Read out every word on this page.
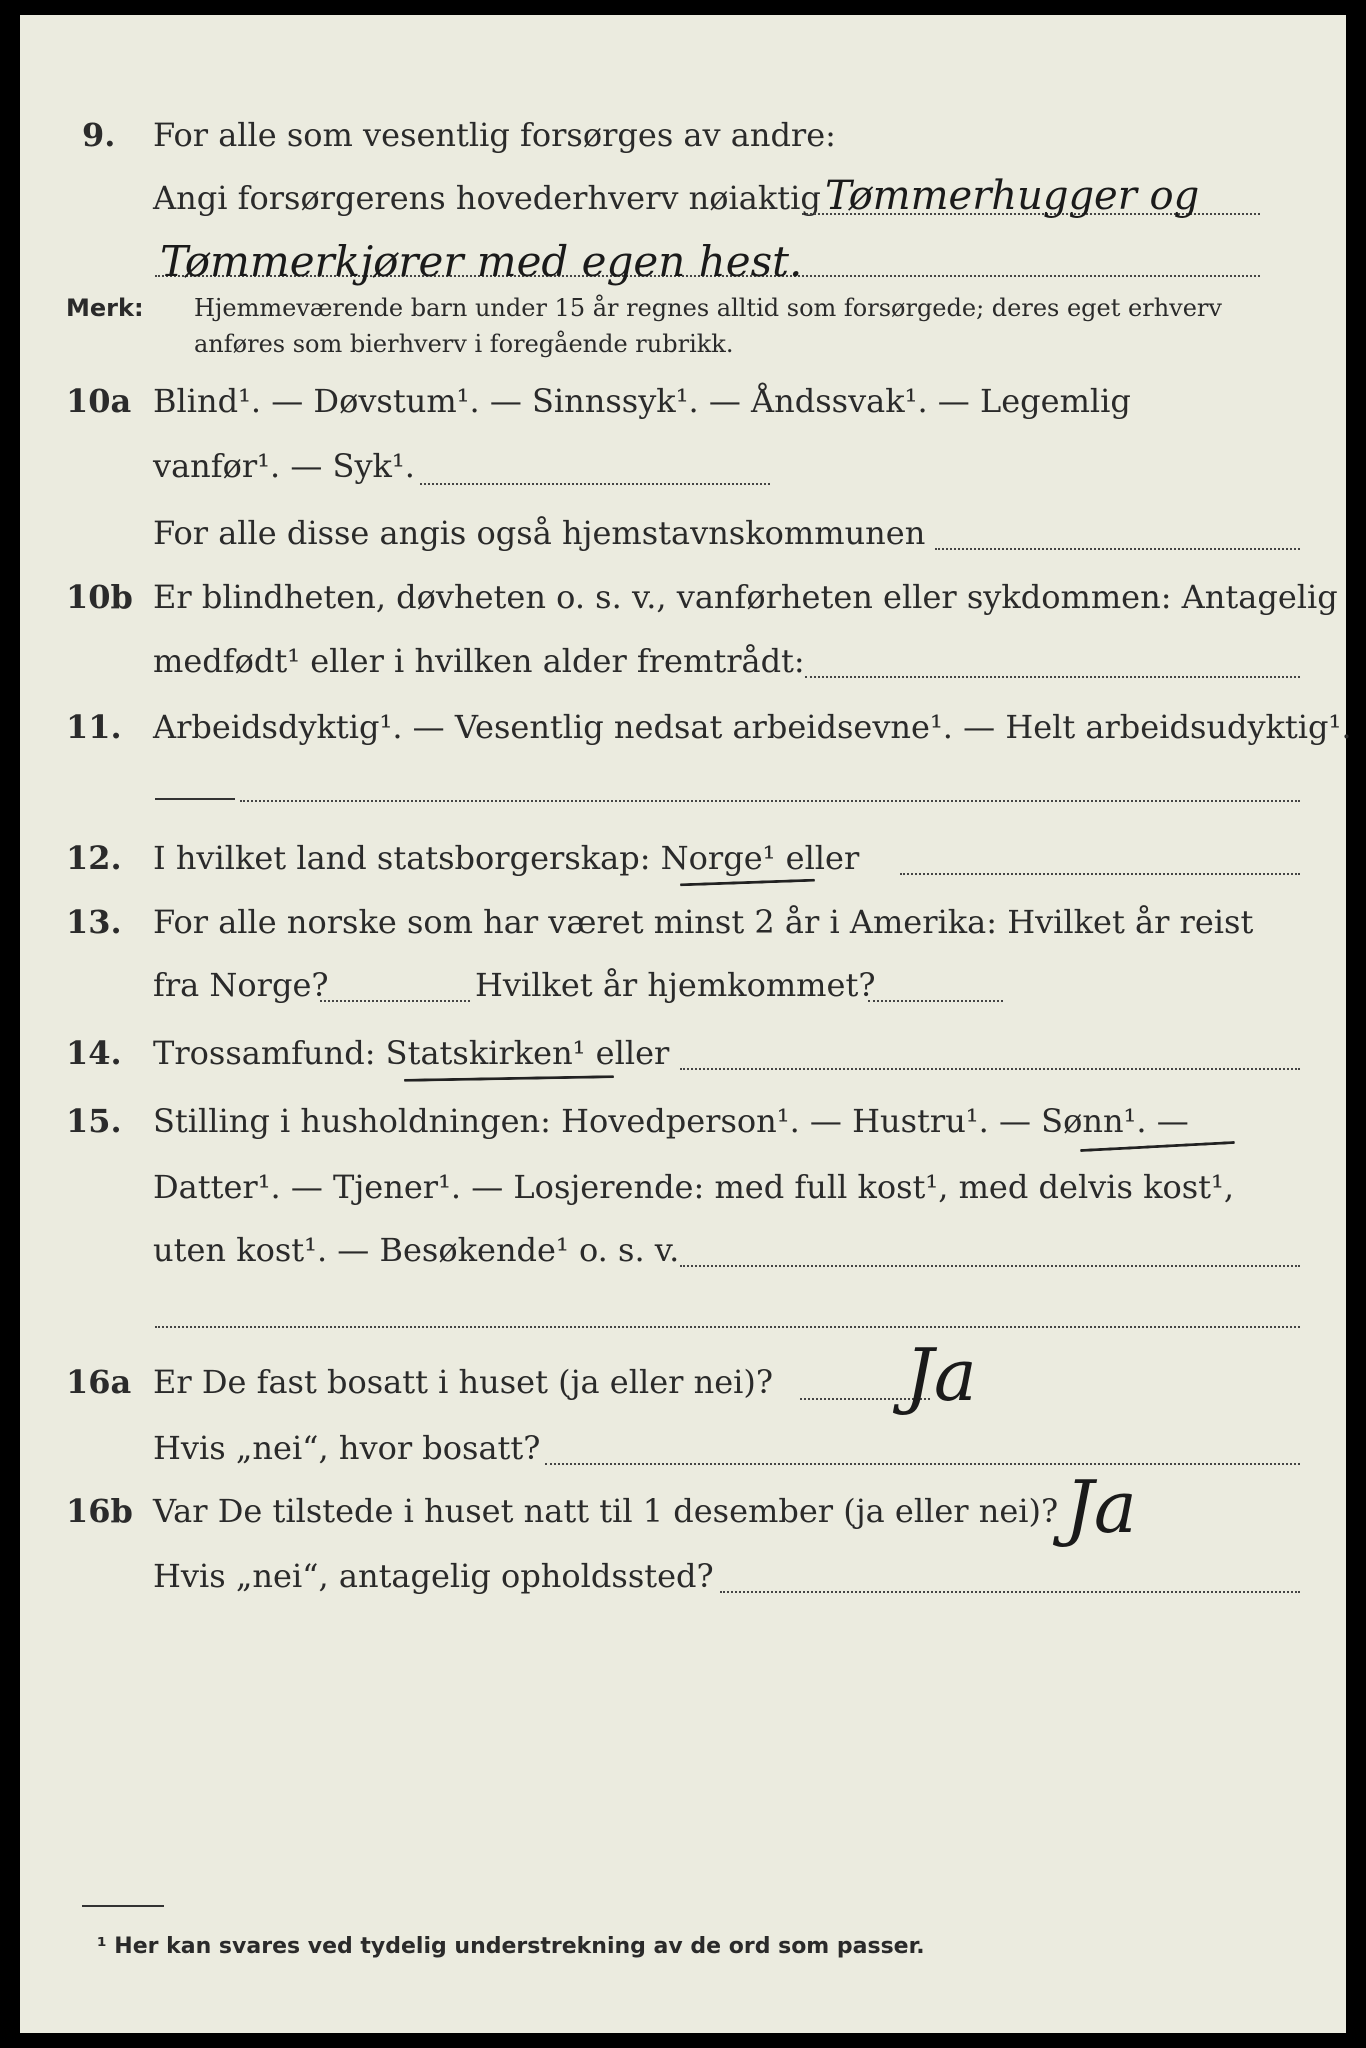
9. For alle som vesentlig forsørges av andre:
Angi forsørgerens hovederhverv nøiaktig Tømmerhugger og
Tømmerkjører med egen hest.
Merk: Hjemmeværende barn under 15 år regnes alltid som forsørgede; deres eget erhverv
anføres som bierhverv i foregående rubrikk.
10a Blind¹. — Døvstum¹. — Sinnssyk¹. — Åndssvak¹. — Legemlig
vanfør¹. — Syk¹.
For alle disse angis også hjemstavnskommunen
10b Er blindheten, døvheten o. s. v., vanførheten eller sykdommen: Antagelig
medfødt¹ eller i hvilken alder fremtrådt:
11. Arbeidsdyktig¹. — Vesentlig nedsat arbeidsevne¹. — Helt arbeidsudyktig¹.
12. I hvilket land statsborgerskap: Norge¹ eller
13. For alle norske som har været minst 2 år i Amerika: Hvilket år reist
fra Norge?	Hvilket år hjemkommet?
14. Trossamfund: Statskirken¹ eller
15. Stilling i husholdningen: Hovedperson¹. — Hustru¹. — Sønn¹. —
Datter¹. — Tjener¹. — Losjerende: med full kost¹, med delvis kost¹,
uten kost¹. — Besøkende¹ o. s. v.
16a Er De fast bosatt i huset (ja eller nei)? Ja
Hvis „nei“, hvor bosatt?
16b Var De tilstede i huset natt til 1 desember (ja eller nei)? Ja
Hvis „nei“, antagelig opholdssted?
¹ Her kan svares ved tydelig understrekning av de ord som passer.
